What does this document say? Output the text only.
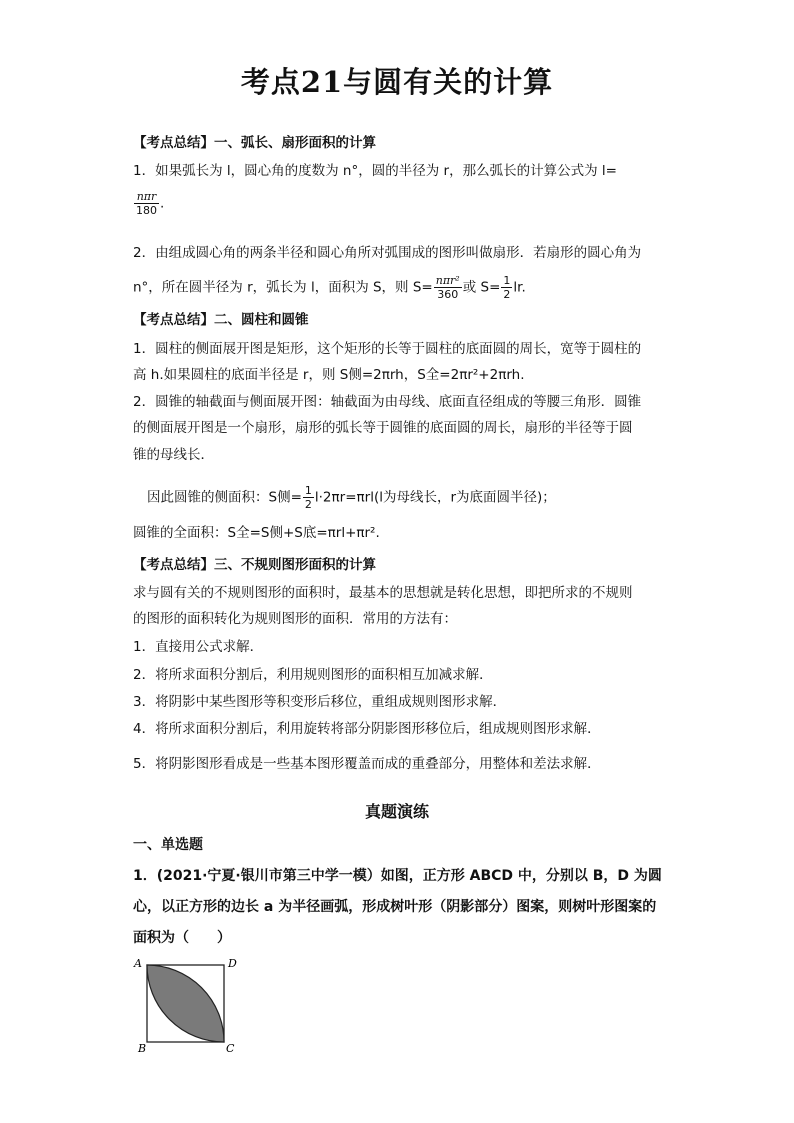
考点21与圆有关的计算
【考点总结】一、弧长、扇形面积的计算
1．如果弧长为 l，圆心角的度数为 n°，圆的半径为 r，那么弧长的计算公式为 l=
$\frac{\text{nπr}}{180}$ .
2．由组成圆心角的两条半径和圆心角所对弧围成的图形叫做扇形．若扇形的圆心角为
n°，所在圆半径为 r，弧长为 l，面积为 S，则 $S= \frac{\text{nπr²}}{360}$ 或 $S= \frac{1}{2}$ lr.
【考点总结】二、圆柱和圆锥
1．圆柱的侧面展开图是矩形，这个矩形的长等于圆柱的底面圆的周长，宽等于圆柱的
高 h.如果圆柱的底面半径是 r，则 S侧=2πrh，S全=2πr²+2πrh.
2．圆锥的轴截面与侧面展开图：轴截面为由母线、底面直径组成的等腰三角形．圆锥
的侧面展开图是一个扇形，扇形的弧长等于圆锥的底面圆的周长，扇形的半径等于圆
锥的母线长．
因此圆锥的侧面积：S侧= $\frac{1}{2} l\cdot 2\pi r=\pi rl(l$为母线长，r为底面圆半径)；
圆锥的全面积：S全=S侧+S底=πrl+πr².
【考点总结】三、不规则图形面积的计算
求与圆有关的不规则图形的面积时，最基本的思想就是转化思想，即把所求的不规则
的图形的面积转化为规则图形的面积．常用的方法有：
1．直接用公式求解．
2．将所求面积分割后，利用规则图形的面积相互加减求解．
3．将阴影中某些图形等积变形后移位，重组成规则图形求解．
4．将所求面积分割后，利用旋转将部分阴影图形移位后，组成规则图形求解．
5．将阴影图形看成是一些基本图形覆盖而成的重叠部分，用整体和差法求解．
真题演练
一、单选题
1．(2021·宁夏·银川市第三中学一模）如图，正方形 ABCD 中，分别以 B，D 为圆
心，以正方形的边长 a 为半径画弧，形成树叶形（阴影部分）图案，则树叶形图案的
面积为（　　）
A	D
B	C
